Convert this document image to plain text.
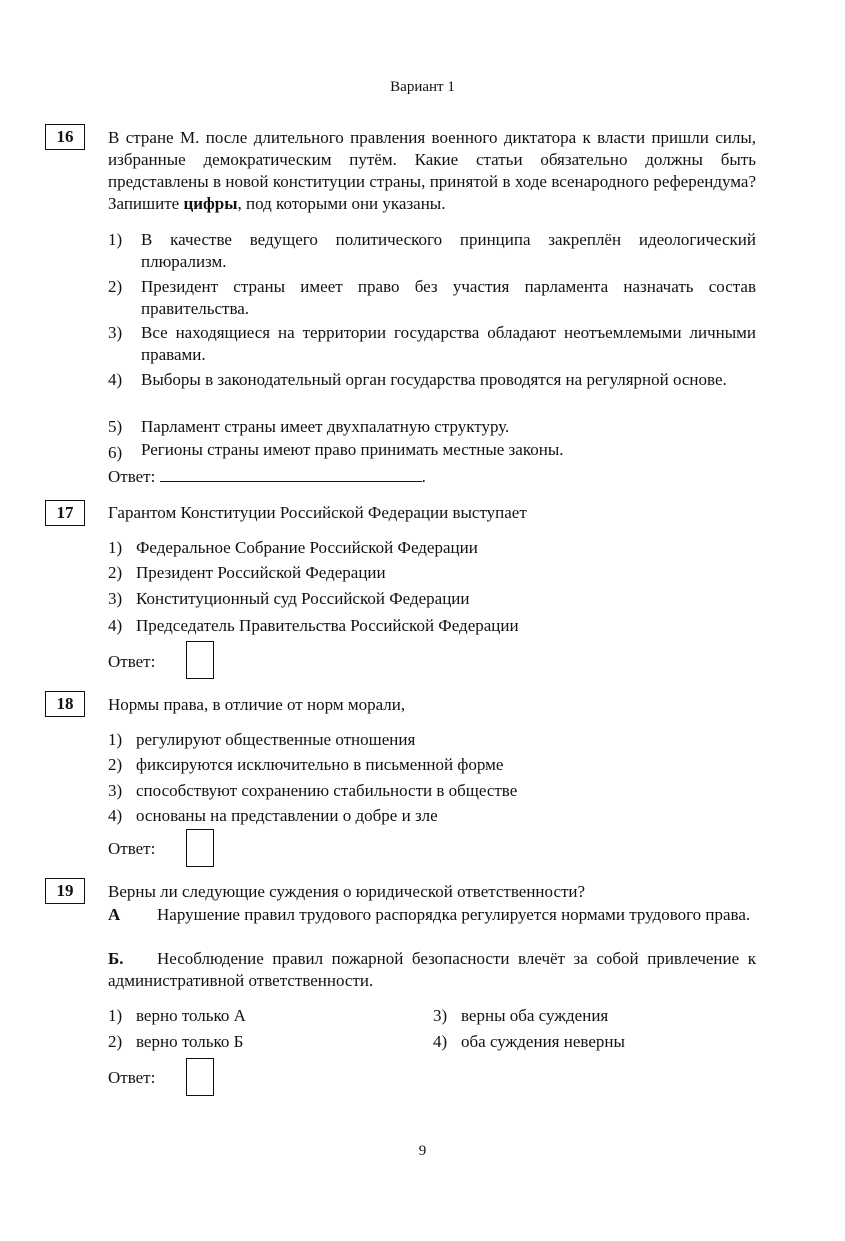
Вариант 1
16	В стране М. после длительного правления военного диктатора к власти пришли силы, избранные демократическим путём. Какие статьи обязательно должны быть представлены в новой конституции страны, принятой в ходе всенародного референдума? Запишите цифры, под которыми они указаны.
1)	В качестве ведущего политического принципа закреплён идеологический плюрализм.
2)	Президент страны имеет право без участия парламента назначать состав правительства.
3)	Все находящиеся на территории государства обладают неотъемлемыми личными правами.
4)	Выборы в законодательный орган государства проводятся на регулярной основе.
5)	Парламент страны имеет двухпалатную структуру.
6)	Регионы страны имеют право принимать местные законы.
Ответ:	.
17	Гарантом Конституции Российской Федерации выступает
1) Федеральное Собрание Российской Федерации
2) Президент Российской Федерации
3) Конституционный суд Российской Федерации
4) Председатель Правительства Российской Федерации
Ответ:
18	Нормы права, в отличие от норм морали,
1) регулируют общественные отношения
2) фиксируются исключительно в письменной форме
3) способствуют сохранению стабильности в обществе
4) основаны на представлении о добре и зле
Ответ:
19	Верны ли следующие суждения о юридической ответственности?
А Нарушение правил трудового распорядка регулируется нормами трудового права.
Б. Несоблюдение правил пожарной безопасности влечёт за собой привлечение к административной ответственности.
1) верно только А
2) верно только Б
3) верны оба суждения
4) оба суждения неверны
Ответ:
9
